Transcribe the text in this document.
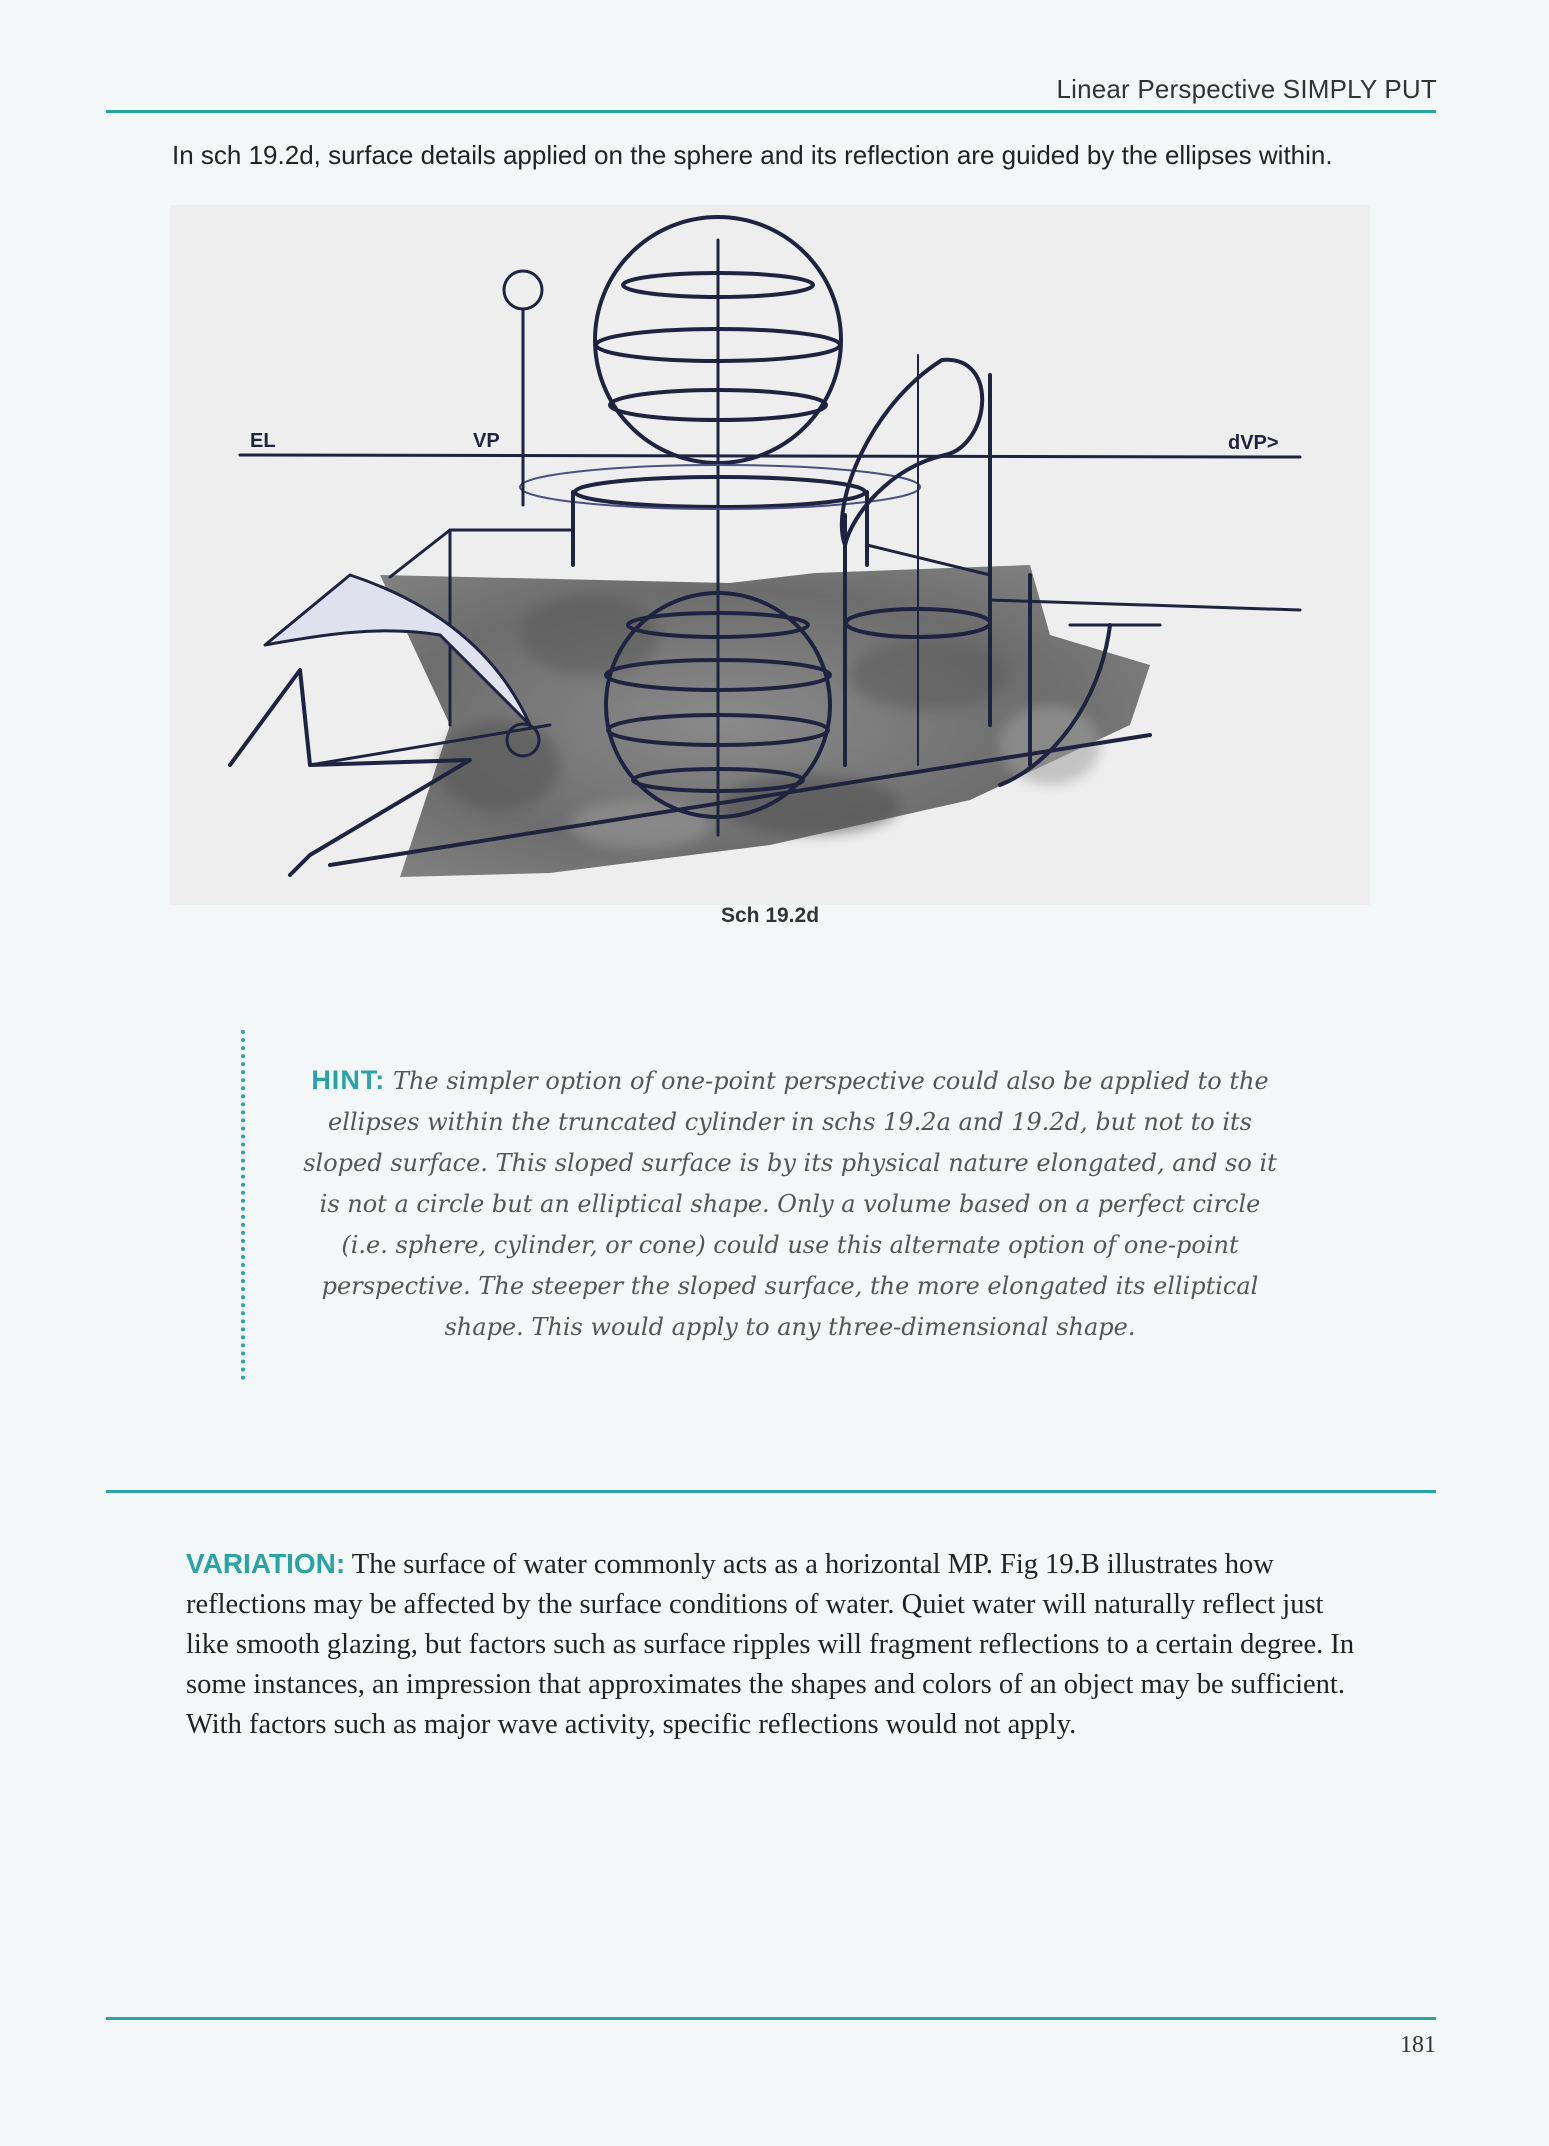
Linear Perspective SIMPLY PUT
In sch 19.2d, surface details applied on the sphere and its reflection are guided by the ellipses within.
EL	VP	dVP>
Sch 19.2d
HINT: The simpler option of one-point perspective could also be applied to the ellipses within the truncated cylinder in schs 19.2a and 19.2d, but not to its sloped surface. This sloped surface is by its physical nature elongated, and so it is not a circle but an elliptical shape. Only a volume based on a perfect circle (i.e. sphere, cylinder, or cone) could use this alternate option of one-point perspective. The steeper the sloped surface, the more elongated its elliptical shape. This would apply to any three-dimensional shape.
VARIATION: The surface of water commonly acts as a horizontal MP. Fig 19.B illustrates how reflections may be affected by the surface conditions of water. Quiet water will naturally reflect just like smooth glazing, but factors such as surface ripples will fragment reflections to a certain degree. In some instances, an impression that approximates the shapes and colors of an object may be sufficient. With factors such as major wave activity, specific reflections would not apply.
181
